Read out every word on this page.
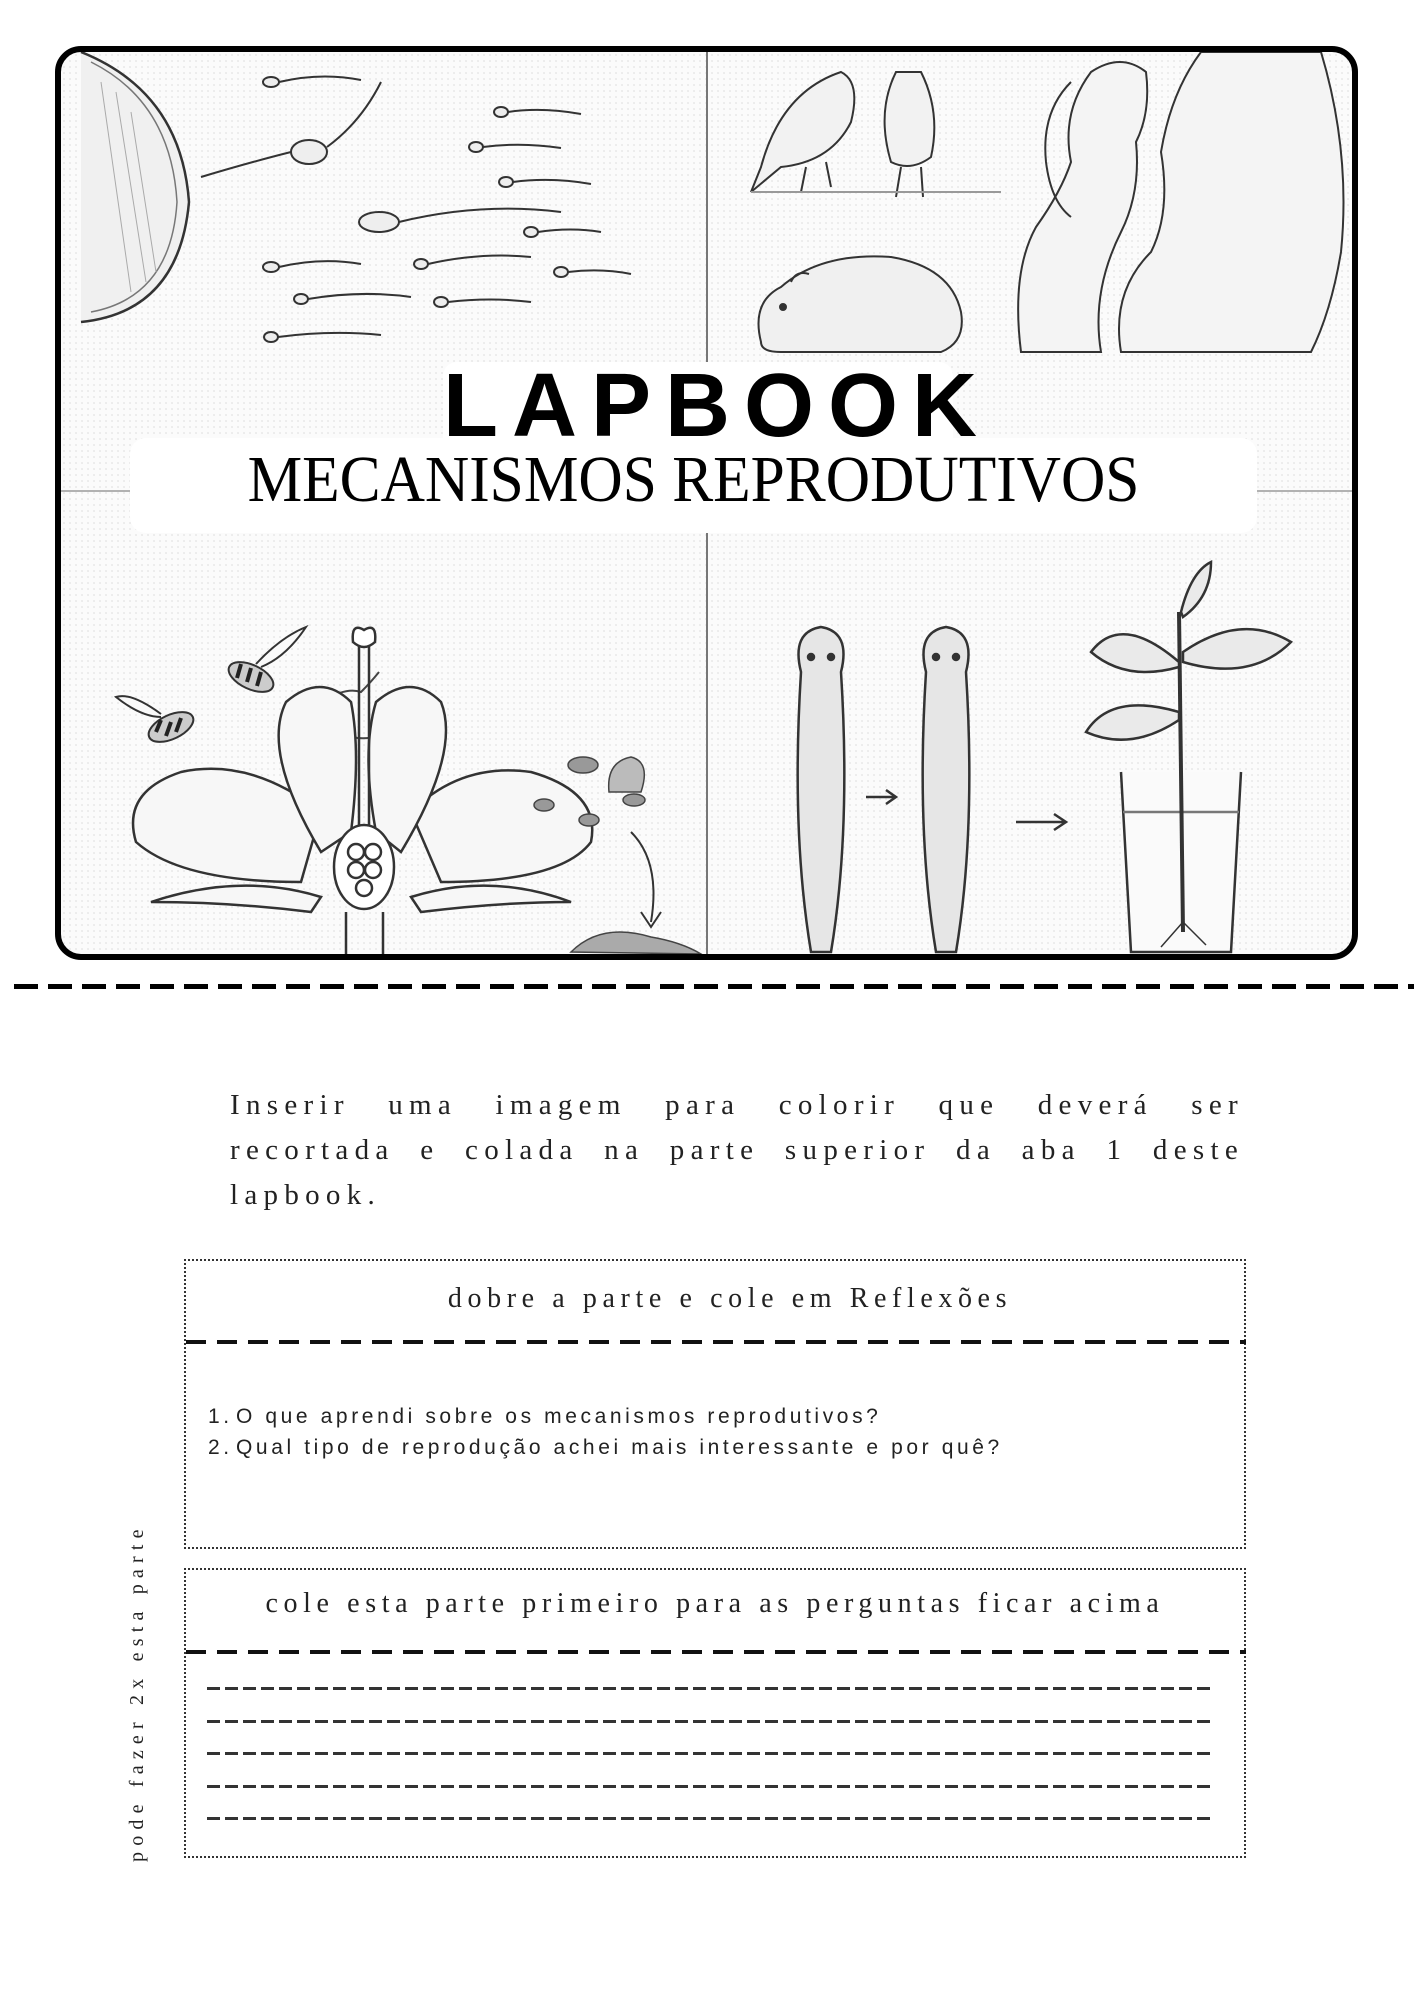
LAPBOOK
MECANISMOS REPRODUTIVOS

Inserir uma imagem para colorir que deverá ser recortada e colada na parte superior da aba 1 deste lapbook.

dobre a parte e cole em Reflexões
1. O que aprendi sobre os mecanismos reprodutivos?
2. Qual tipo de reprodução achei mais interessante e por quê?
cole esta parte primeiro para as perguntas ficar acima
pode fazer 2x esta parte
